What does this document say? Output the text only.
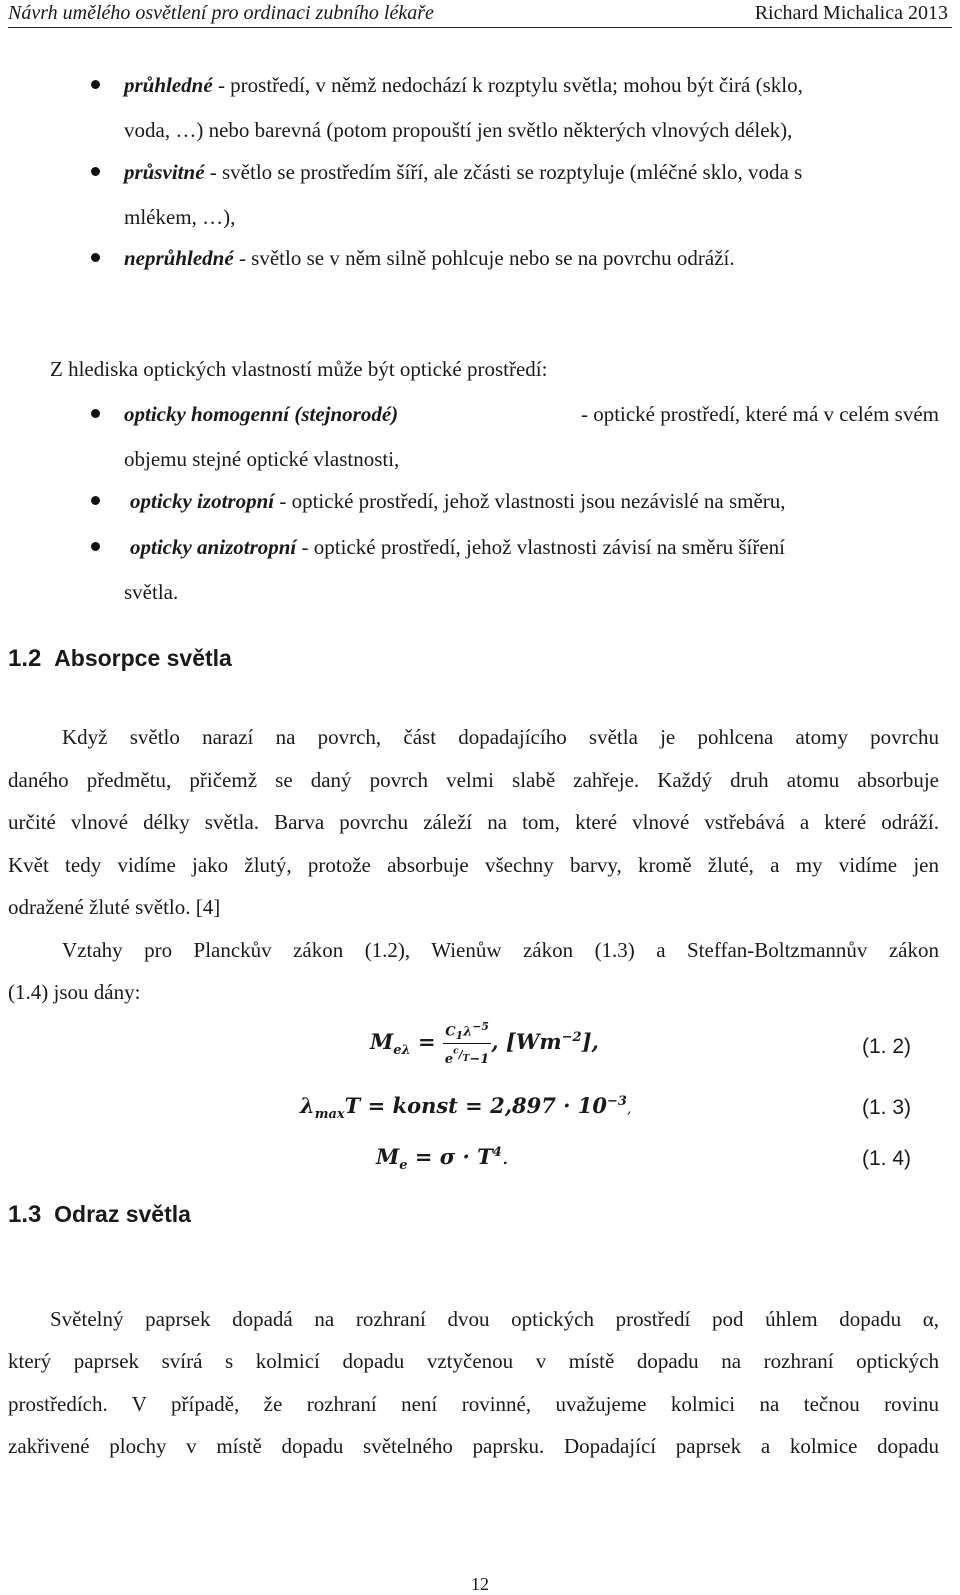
Návrh umělého osvětlení pro ordinaci zubního lékaře	Richard Michalica 2013
průhledné - prostředí, v němž nedochází k rozptylu světla; mohou být čirá (sklo,
voda, …) nebo barevná (potom propouští jen světlo některých vlnových délek),
průsvitné - světlo se prostředím šíří, ale zčásti se rozptyluje (mléčné sklo, voda s
mlékem, …),
neprůhledné - světlo se v něm silně pohlcuje nebo se na povrchu odráží.
Z hlediska optických vlastností může být optické prostředí:
opticky homogenní (stejnorodé)	- optické prostředí, které má v celém svém
objemu stejné optické vlastnosti,
opticky izotropní - optické prostředí, jehož vlastnosti jsou nezávislé na směru,
opticky anizotropní - optické prostředí, jehož vlastnosti závisí na směru šíření
světla.
1.2 Absorpce světla
Když světlo narazí na povrch, část dopadajícího světla je pohlcena atomy povrchu
daného předmětu, přičemž se daný povrch velmi slabě zahřeje. Každý druh atomu absorbuje
určité vlnové délky světla. Barva povrchu záleží na tom, které vlnové vstřebává a které odráží.
Květ tedy vidíme jako žlutý, protože absorbuje všechny barvy, kromě žluté, a my vidíme jen
odražené žluté světlo. [4]
Vztahy pro Planckův zákon (1.2), Wienůw zákon (1.3) a Steffan-Boltzmannův zákon
(1.4) jsou dány:
$M_{e\lambda} = \frac{C_1\lambda^{-5}}{e^{^c/_T}-1}$ , $[Wm^{-2}]$,	(1. 2)
$\lambda_{max}T$ = konst = $2,897 \cdot 10^{-3}$,	(1. 3)
$M_e = \sigma \cdot T^4$.	(1. 4)
1.3 Odraz světla
Světelný paprsek dopadá na rozhraní dvou optických prostředí pod úhlem dopadu α,
který paprsek svírá s kolmicí dopadu vztyčenou v místě dopadu na rozhraní optických
prostředích. V případě, že rozhraní není rovinné, uvažujeme kolmici na tečnou rovinu
zakřivené plochy v místě dopadu světelného paprsku. Dopadající paprsek a kolmice dopadu
12
